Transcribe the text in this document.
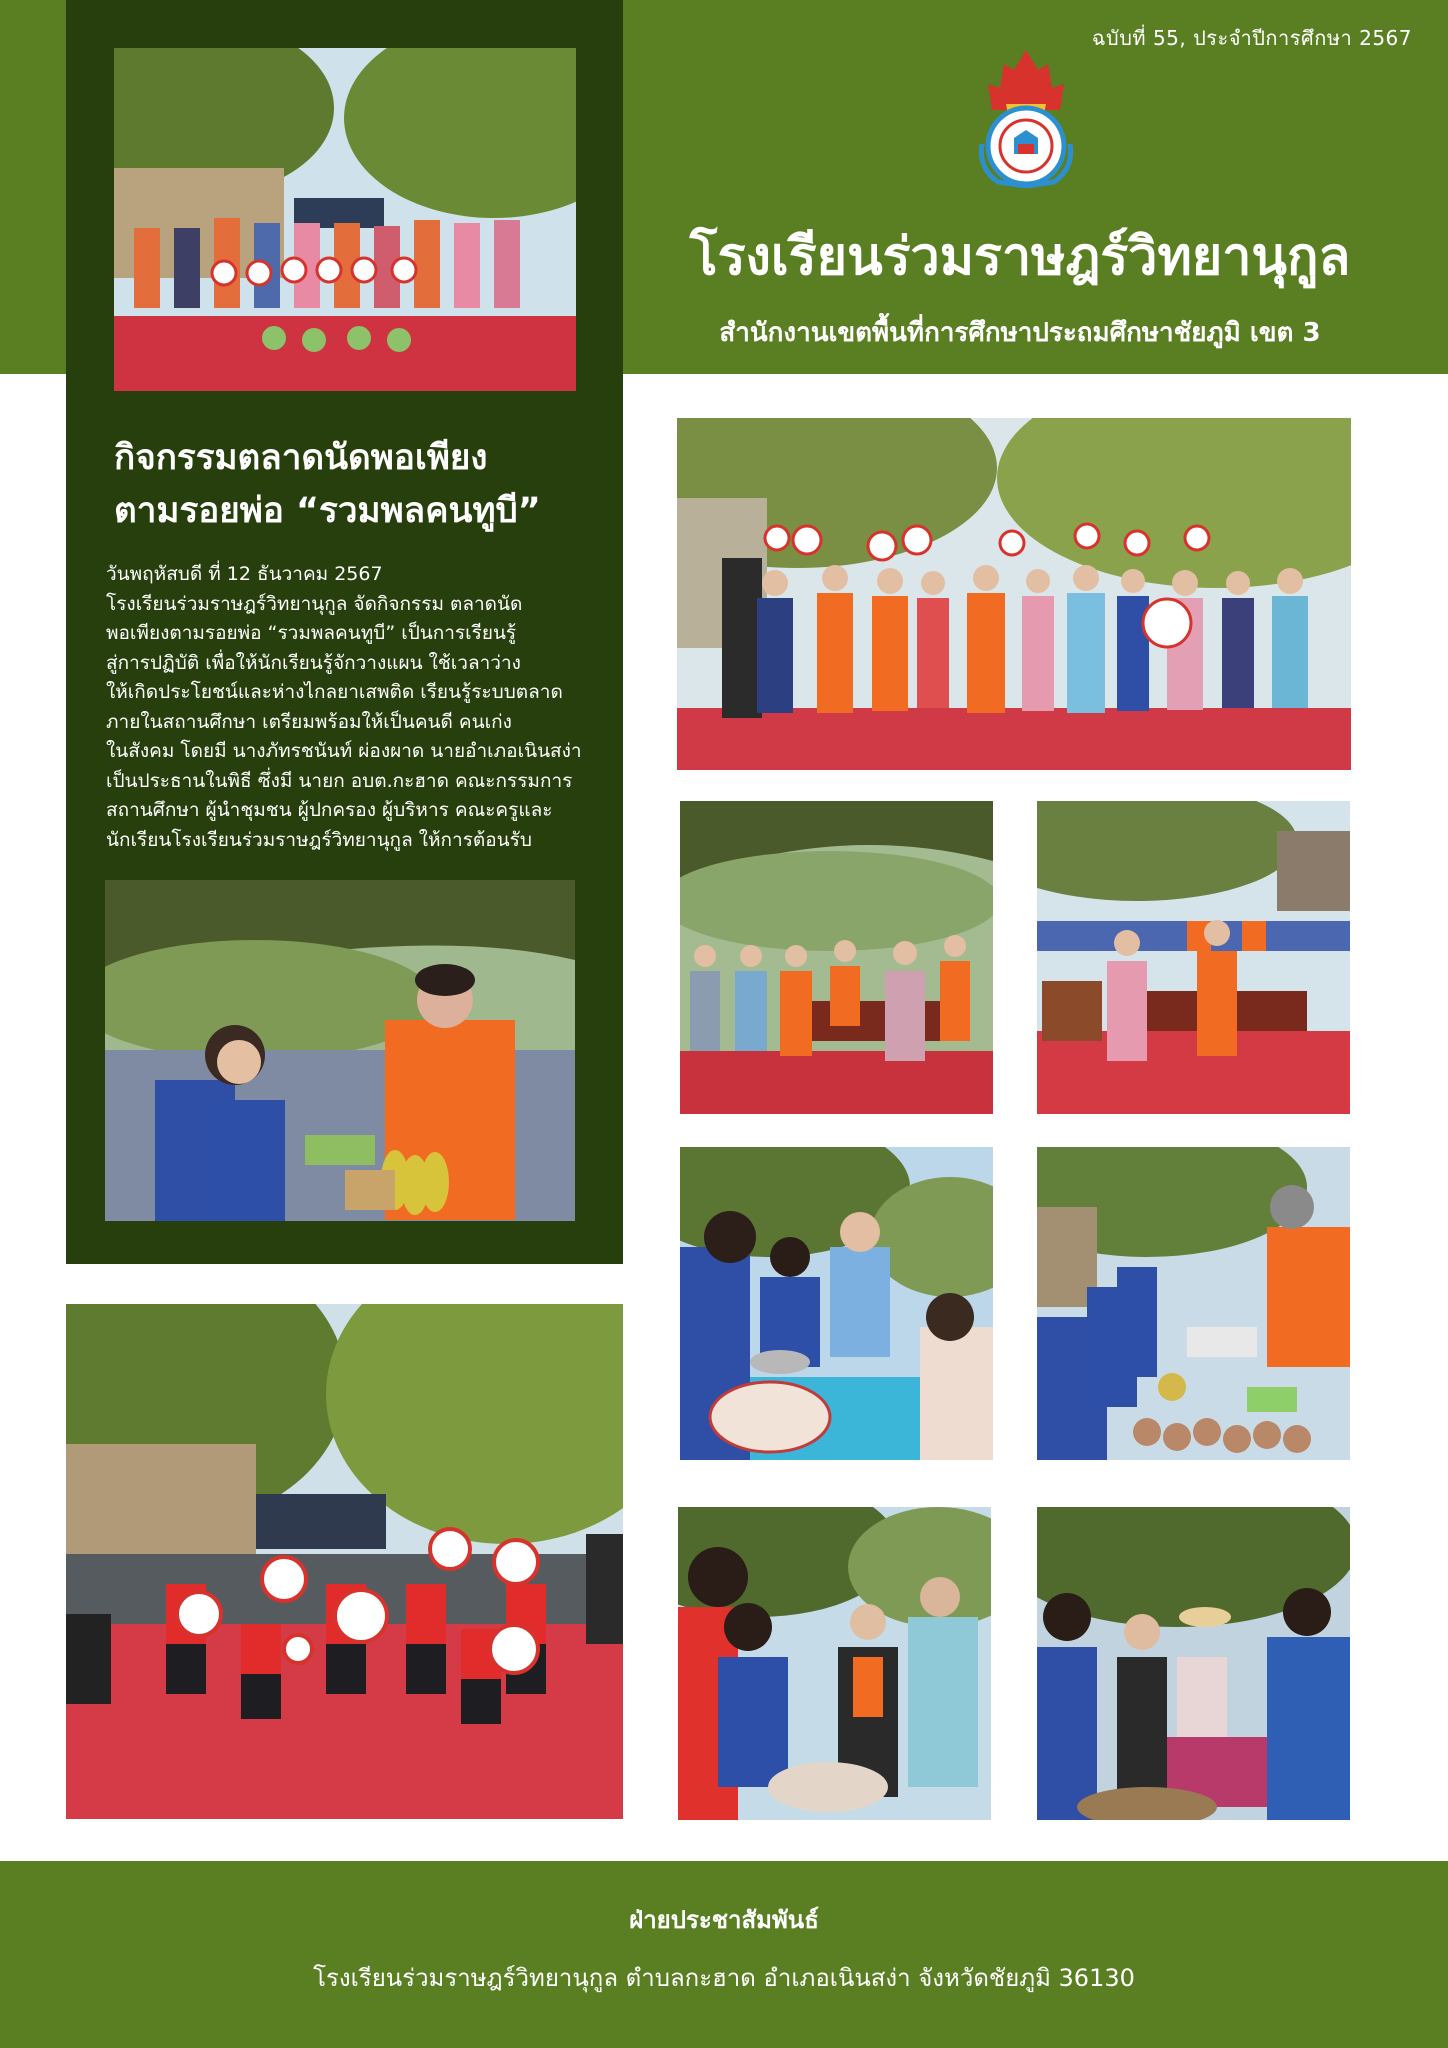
ฉบับที่ 55, ประจำปีการศึกษา 2567
โรงเรียนร่วมราษฎร์วิทยานุกูล
สำนักงานเขตพื้นที่การศึกษาประถมศึกษาชัยภูมิ เขต 3
กิจกรรมตลาดนัดพอเพียง
ตามรอยพ่อ “รวมพลคนทูบี”
วันพฤหัสบดี ที่ 12 ธันวาคม 2567
โรงเรียนร่วมราษฎร์วิทยานุกูล จัดกิจกรรม ตลาดนัด
พอเพียงตามรอยพ่อ “รวมพลคนทูบี” เป็นการเรียนรู้
สู่การปฏิบัติ เพื่อให้นักเรียนรู้จักวางแผน ใช้เวลาว่าง
ให้เกิดประโยชน์และห่างไกลยาเสพติด เรียนรู้ระบบตลาด
ภายในสถานศึกษา เตรียมพร้อมให้เป็นคนดี คนเก่ง
ในสังคม โดยมี นางภัทรชนันท์ ผ่องผาด นายอำเภอเนินสง่า
เป็นประธานในพิธี ซึ่งมี นายก อบต.กะฮาด คณะกรรมการ
สถานศึกษา ผู้นำชุมชน ผู้ปกครอง ผู้บริหาร คณะครูและ
นักเรียนโรงเรียนร่วมราษฎร์วิทยานุกูล ให้การต้อนรับ
ฝ่ายประชาสัมพันธ์
โรงเรียนร่วมราษฎร์วิทยานุกูล ตำบลกะฮาด อำเภอเนินสง่า จังหวัดชัยภูมิ 36130
